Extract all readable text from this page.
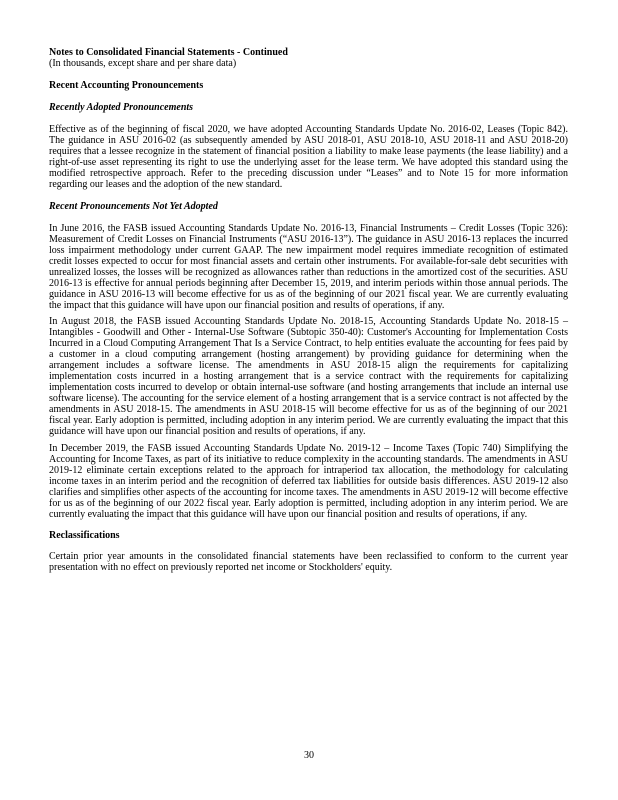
Notes to Consolidated Financial Statements - Continued

(In thousands, except share and per share data)

Recent Accounting Pronouncements

Recently Adopted Pronouncements

Effective as of the beginning of fiscal 2020, we have adopted Accounting Standards Update No. 2016-02, Leases (Topic 842). The guidance in ASU 2016-02 (as subsequently amended by ASU 2018-01, ASU 2018-10, ASU 2018-11 and ASU 2018-20) requires that a lessee recognize in the statement of financial position a liability to make lease payments (the lease liability) and a right-of-use asset representing its right to use the underlying asset for the lease term. We have adopted this standard using the modified retrospective approach. Refer to the preceding discussion under “Leases” and to Note 15 for more information regarding our leases and the adoption of the new standard.

Recent Pronouncements Not Yet Adopted

In June 2016, the FASB issued Accounting Standards Update No. 2016-13, Financial Instruments – Credit Losses (Topic 326): Measurement of Credit Losses on Financial Instruments (“ASU 2016-13”). The guidance in ASU 2016-13 replaces the incurred loss impairment methodology under current GAAP. The new impairment model requires immediate recognition of estimated credit losses expected to occur for most financial assets and certain other instruments. For available-for-sale debt securities with unrealized losses, the losses will be recognized as allowances rather than reductions in the amortized cost of the securities. ASU 2016-13 is effective for annual periods beginning after December 15, 2019, and interim periods within those annual periods. The guidance in ASU 2016-13 will become effective for us as of the beginning of our 2021 fiscal year. We are currently evaluating the impact that this guidance will have upon our financial position and results of operations, if any.

In August 2018, the FASB issued Accounting Standards Update No. 2018-15, Accounting Standards Update No. 2018-15 – Intangibles - Goodwill and Other - Internal-Use Software (Subtopic 350-40): Customer's Accounting for Implementation Costs Incurred in a Cloud Computing Arrangement That Is a Service Contract, to help entities evaluate the accounting for fees paid by a customer in a cloud computing arrangement (hosting arrangement) by providing guidance for determining when the arrangement includes a software license. The amendments in ASU 2018-15 align the requirements for capitalizing implementation costs incurred in a hosting arrangement that is a service contract with the requirements for capitalizing implementation costs incurred to develop or obtain internal-use software (and hosting arrangements that include an internal use software license). The accounting for the service element of a hosting arrangement that is a service contract is not affected by the amendments in ASU 2018-15. The amendments in ASU 2018-15 will become effective for us as of the beginning of our 2021 fiscal year. Early adoption is permitted, including adoption in any interim period. We are currently evaluating the impact that this guidance will have upon our financial position and results of operations, if any.

In December 2019, the FASB issued Accounting Standards Update No. 2019-12 – Income Taxes (Topic 740) Simplifying the Accounting for Income Taxes, as part of its initiative to reduce complexity in the accounting standards. The amendments in ASU 2019-12 eliminate certain exceptions related to the approach for intraperiod tax allocation, the methodology for calculating income taxes in an interim period and the recognition of deferred tax liabilities for outside basis differences. ASU 2019-12 also clarifies and simplifies other aspects of the accounting for income taxes. The amendments in ASU 2019-12 will become effective for us as of the beginning of our 2022 fiscal year. Early adoption is permitted, including adoption in any interim period. We are currently evaluating the impact that this guidance will have upon our financial position and results of operations, if any.

Reclassifications

Certain prior year amounts in the consolidated financial statements have been reclassified to conform to the current year presentation with no effect on previously reported net income or Stockholders' equity.

30
